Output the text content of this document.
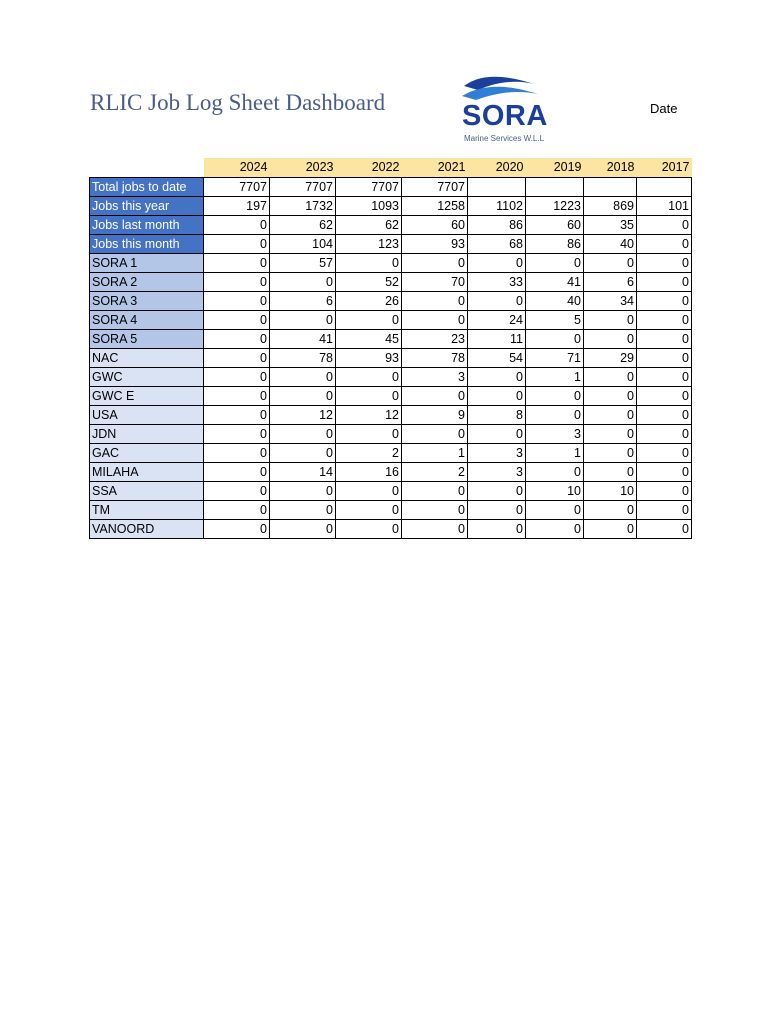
RLIC Job Log Sheet Dashboard	SORA
Marine Services W.L.L
Date
	2024	2023	2022	2021	2020	2019	2018	2017
Total jobs to date	7707	7707	7707	7707				
Jobs this year	197	1732	1093	1258	1102	1223	869	101
Jobs last month	0	62	62	60	86	60	35	0
Jobs this month	0	104	123	93	68	86	40	0
SORA 1	0	57	0	0	0	0	0	0
SORA 2	0	0	52	70	33	41	6	0
SORA 3	0	6	26	0	0	40	34	0
SORA 4	0	0	0	0	24	5	0	0
SORA 5	0	41	45	23	11	0	0	0
NAC	0	78	93	78	54	71	29	0
GWC	0	0	0	3	0	1	0	0
GWC E	0	0	0	0	0	0	0	0
USA	0	12	12	9	8	0	0	0
JDN	0	0	0	0	0	3	0	0
GAC	0	0	2	1	3	1	0	0
MILAHA	0	14	16	2	3	0	0	0
SSA	0	0	0	0	0	10	10	0
TM	0	0	0	0	0	0	0	0
VANOORD	0	0	0	0	0	0	0	0
